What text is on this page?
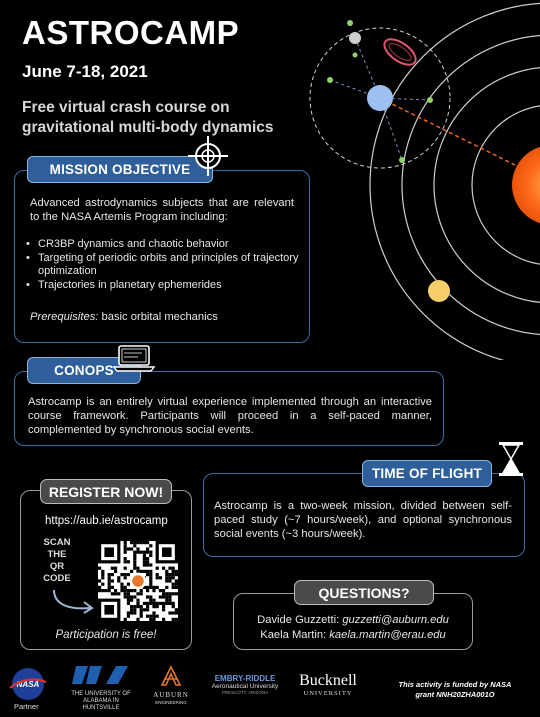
ASTROCAMP
June 7-18, 2021
Free virtual crash course on gravitational multi-body dynamics
MISSION OBJECTIVE
Advanced astrodynamics subjects that are relevant to the NASA Artemis Program including:
• CR3BP dynamics and chaotic behavior
• Targeting of periodic orbits and principles of trajectory optimization
• Trajectories in planetary ephemerides
Prerequisites: basic orbital mechanics
CONOPS
Astrocamp is an entirely virtual experience implemented through an interactive course framework. Participants will proceed in a self-paced manner, complemented by synchronous social events.
REGISTER NOW!
https://aub.ie/astrocamp
SCAN
THE
QR
CODE
Participation is free!
TIME OF FLIGHT
Astrocamp is a two-week mission, divided between self-paced study (~7 hours/week), and optional synchronous social events (~3 hours/week).
QUESTIONS?
Davide Guzzetti: guzzetti@auburn.edu
Kaela Martin: kaela.martin@erau.edu
NASA
Partner
THE UNIVERSITY OF
ALABAMA IN HUNTSVILLE
AUBURN
ENGINEERING
EMBRY-RIDDLE
Aeronautical University
PRESCOTT, ARIZONA
Bucknell
UNIVERSITY
This activity is funded by NASA
grant NNH20ZHA001O
